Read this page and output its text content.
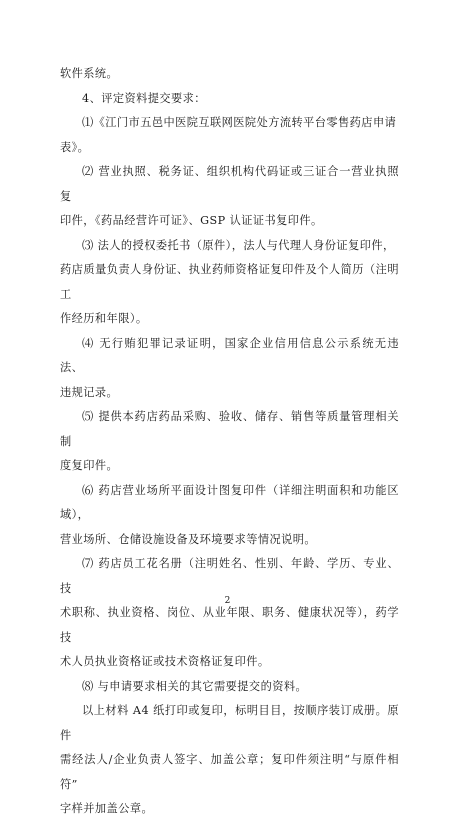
软件系统。

4、评定资料提交要求：

⑴《江门市五邑中医院互联网医院处方流转平台零售药店申请

表》。

⑵ 营业执照、税务证、组织机构代码证或三证合一营业执照复

印件，《药品经营许可证》、GSP 认证证书复印件。

⑶ 法人的授权委托书（原件），法人与代理人身份证复印件，

药店质量负责人身份证、执业药师资格证复印件及个人简历（注明工

作经历和年限）。

⑷ 无行贿犯罪记录证明，国家企业信用信息公示系统无违法、

违规记录。

⑸ 提供本药店药品采购、验收、储存、销售等质量管理相关制

度复印件。

⑹ 药店营业场所平面设计图复印件（详细注明面积和功能区域），

营业场所、仓储设施设备及环境要求等情况说明。

⑺ 药店员工花名册（注明姓名、性别、年龄、学历、专业、技

术职称、执业资格、岗位、从业年限、职务、健康状况等），药学技

术人员执业资格证或技术资格证复印件。

⑻ 与申请要求相关的其它需要提交的资料。

以上材料 A4 纸打印或复印，标明目目，按顺序装订成册。原件

需经法人/企业负责人签字、加盖公章；复印件须注明“与原件相符”

字样并加盖公章。

2
